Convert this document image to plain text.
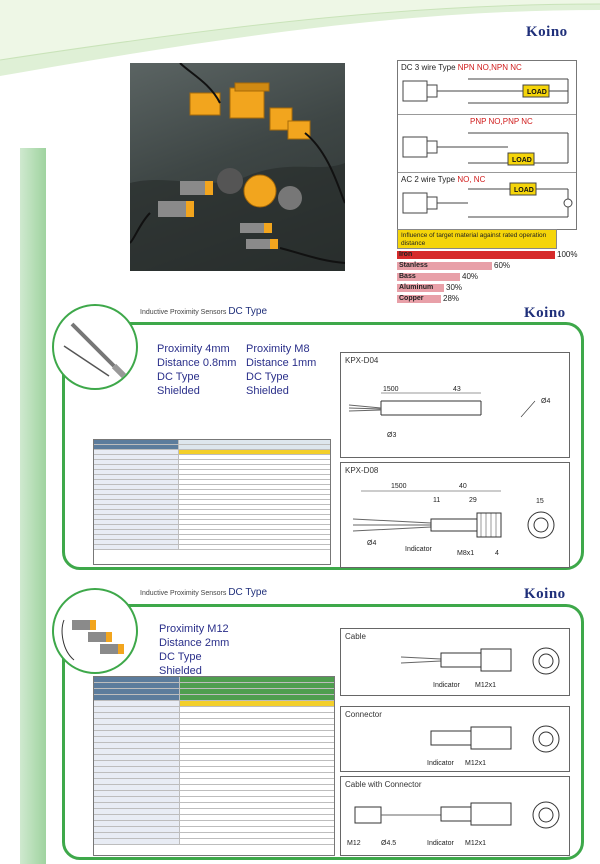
Koino
DC 3 wire Type NPN NO,NPN NC
LOAD
PNP NO,PNP NC
LOAD
AC 2 wire Type NO, NC
LOAD
Influence of target material against rated operation distance
Iron	100%
Stanless	60%
Bass	40%
Aluminum 30%
Copper 28%
Inductive Proximity Sensors DC Type	Koino
Proximity 4mm
Distance 0.8mm
DC Type
Shielded
Proximity M8
Distance 1mm
DC Type
Shielded
KPX-D04
1500	43
Ø4
Ø3
KPX-D08
1500	40
11	29	15
Ø4
Indicator
M8x1	4
Inductive Proximity Sensors DC Type	Koino
Proximity M12
Distance 2mm
DC Type
Shielded
Cable
Indicator M12x1
Connector
Indicator M12x1
Cable with Connector
M12	Ø4.5	Indicator M12x1
